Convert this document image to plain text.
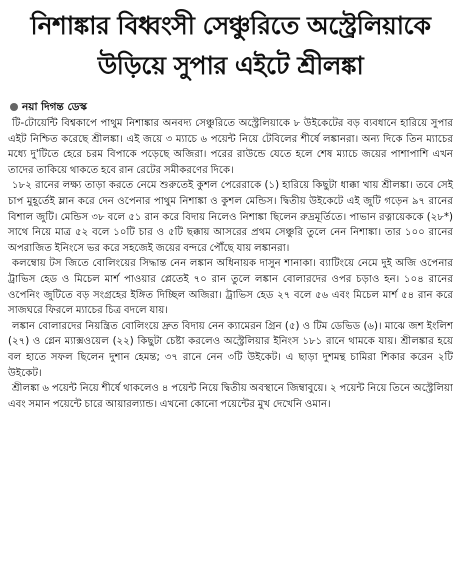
নিশাঙ্কার বিধ্বংসী সেঞ্চুরিতে অস্ট্রেলিয়াকে
উড়িয়ে সুপার এইটে শ্রীলঙ্কা
নয়া দিগন্ত ডেস্ক

টি-টোয়েন্টি বিশ্বকাপে পাথুম নিশাঙ্কার অনবদ্য সেঞ্চুরিতে অস্ট্রেলিয়াকে ৮ উইকেটের বড় ব্যবধানে হারিয়ে সুপার এইট নিশ্চিত করেছে শ্রীলঙ্কা। এই জয়ে ৩ ম্যাচে ৬ পয়েন্ট নিয়ে টেবিলের শীর্ষে লঙ্কানরা। অন্য দিকে তিন ম্যাচের মধ্যে দু'টিতে হেরে চরম বিপাকে পড়েছে অজিরা। পরের রাউন্ডে যেতে হলে শেষ ম্যাচে জয়ের পাশাপাশি এখন তাদের তাকিয়ে থাকতে হবে রান রেটের সমীকরণের দিকে।

১৮২ রানের লক্ষ্য তাড়া করতে নেমে শুরুতেই কুশল পেরেরাকে (১) হারিয়ে কিছুটা ধাক্কা খায় শ্রীলঙ্কা। তবে সেই চাপ মুহূর্তেই ম্লান করে দেন ওপেনার পাথুম নিশাঙ্কা ও কুশল মেন্ডিস। দ্বিতীয় উইকেটে এই জুটি গড়েন ৯৭ রানের বিশাল জুটি। মেন্ডিস ৩৮ বলে ৫১ রান করে বিদায় নিলেও নিশাঙ্কা ছিলেন রুদ্রমূর্তিতে। পাভান রত্নায়েককে (২৮*) সাথে নিয়ে মাত্র ৫২ বলে ১০টি চার ও ৫টি ছক্কায় আসরের প্রথম সেঞ্চুরি তুলে নেন নিশাঙ্কা। তার ১০০ রানের অপরাজিত ইনিংসে ভর করে সহজেই জয়ের বন্দরে পৌঁছে যায় লঙ্কানরা।

কলম্বোয় টস জিতে বোলিংয়ের সিদ্ধান্ত নেন লঙ্কান অধিনায়ক দাসুন শানাকা। ব্যাটিংয়ে নেমে দুই অজি ওপেনার ট্রাভিস হেড ও মিচেল মার্শ পাওয়ার প্লেতেই ৭০ রান তুলে লঙ্কান বোলারদের ওপর চড়াও হন। ১০৪ রানের ওপেনিং জুটিতে বড় সংগ্রহের ইঙ্গিত দিচ্ছিল অজিরা। ট্রাভিস হেড ২৭ বলে ৫৬ এবং মিচেল মার্শ ৫৪ রান করে সাজঘরে ফিরলে ম্যাচের চিত্র বদলে যায়।

লঙ্কান বোলারদের নিয়ন্ত্রিত বোলিংয়ে দ্রুত বিদায় নেন ক্যামেরন গ্রিন (৫) ও টিম ডেভিড (৬)। মাঝে জশ ইংলিশ (২৭) ও গ্লেন ম্যাক্সওয়েল (২২) কিছুটা চেষ্টা করলেও অস্ট্রেলিয়ার ইনিংস ১৮১ রানে থামকে যায়। শ্রীলঙ্কার হয়ে বল হাতে সফল ছিলেন দুশান হেমন্ত; ৩৭ রানে নেন ৩টি উইকেট। এ ছাড়া দুশমন্থ চামিরা শিকার করেন ২টি উইকেট।

শ্রীলঙ্কা ৬ পয়েন্ট নিয়ে শীর্ষে থাকলেও ৪ পয়েন্ট নিয়ে দ্বিতীয় অবস্থানে জিম্বাবুয়ে। ২ পয়েন্ট নিয়ে তিনে অস্ট্রেলিয়া এবং সমান পয়েন্টে চারে আয়ারল্যান্ড। এখনো কোনো পয়েন্টের মুখ দেখেনি ওমান।
